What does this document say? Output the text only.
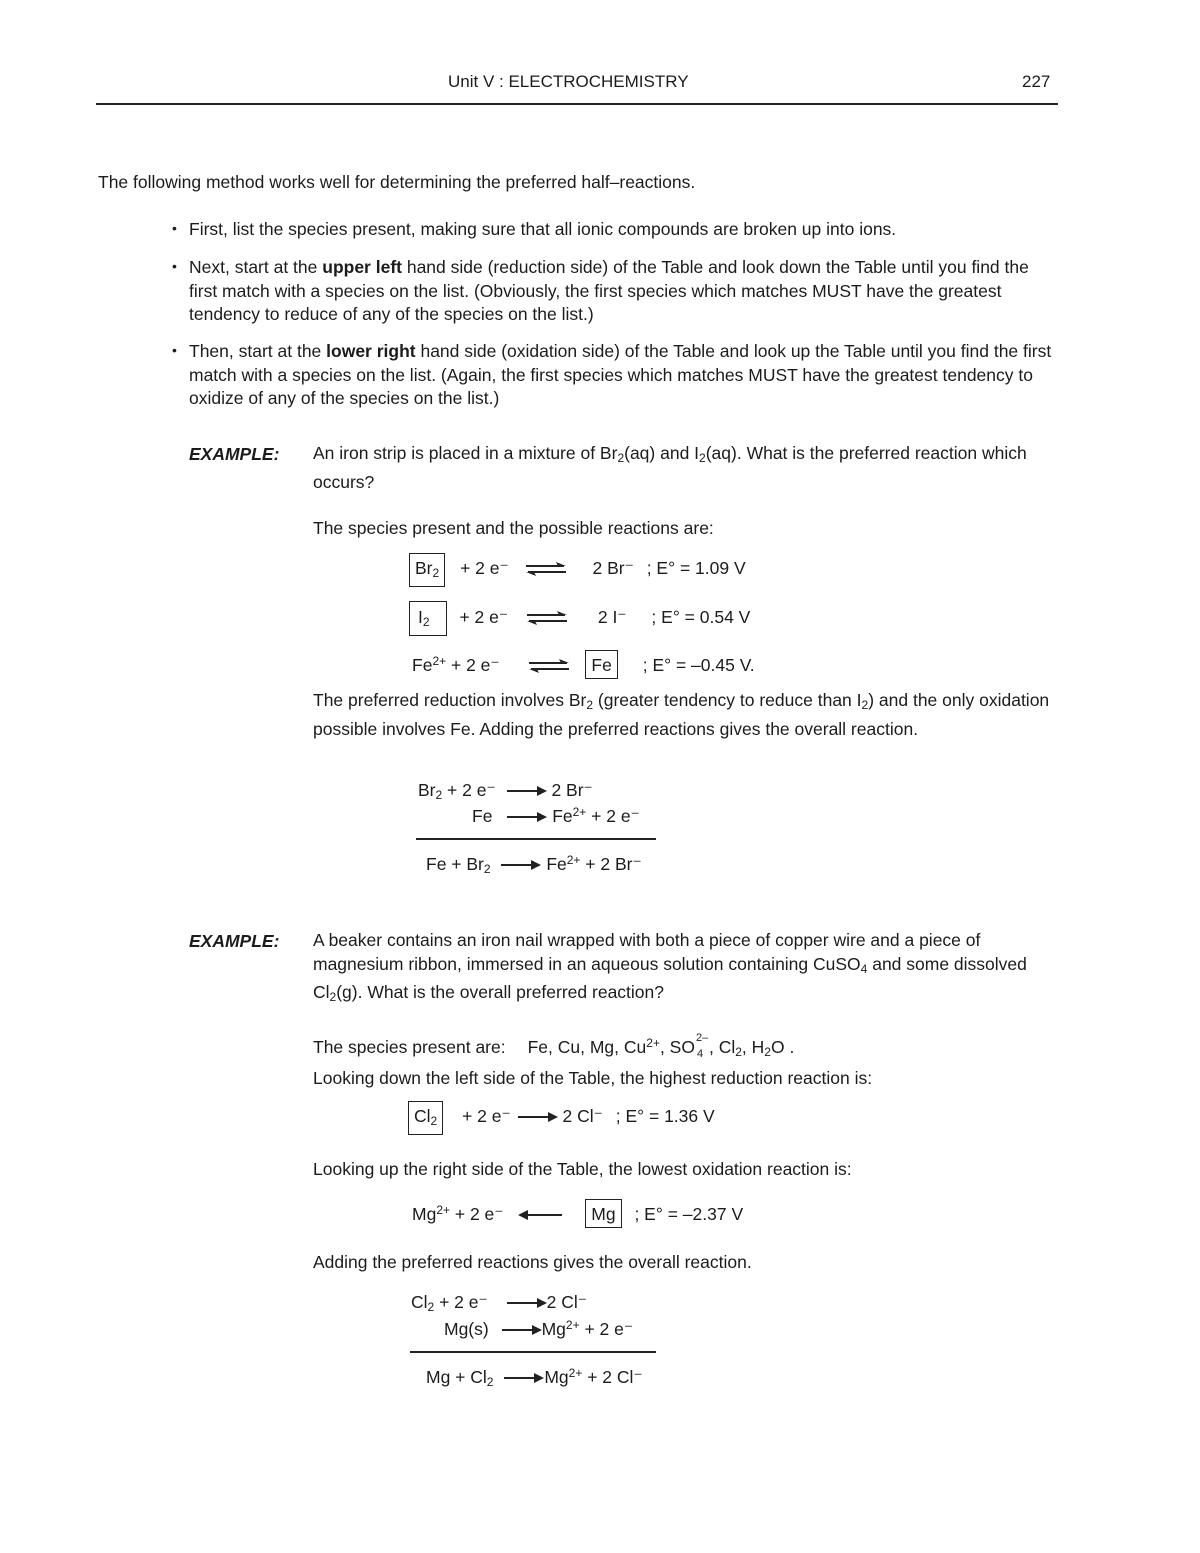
Unit V : ELECTROCHEMISTRY	227
The following method works well for determining the preferred half–reactions.
• First, list the species present, making sure that all ionic compounds are broken up into ions.
• Next, start at the upper left hand side (reduction side) of the Table and look down the Table until you find the first match with a species on the list. (Obviously, the first species which matches MUST have the greatest tendency to reduce of any of the species on the list.)
• Then, start at the lower right hand side (oxidation side) of the Table and look up the Table until you find the first match with a species on the list. (Again, the first species which matches MUST have the greatest tendency to oxidize of any of the species on the list.)
EXAMPLE: An iron strip is placed in a mixture of $Br_2(aq)$ and $I_2(aq)$. What is the preferred reaction which occurs?
The species present and the possible reactions are:
$Br_2 + 2$ e⁻ ⇌ 2 Br⁻ ; E° = 1.09 V
$I_2 + 2$ e⁻ ⇌ 2 I⁻ ; E° = 0.54 V
$Fe^{2+} + 2$ e⁻ ⇌ Fe ; E° = –0.45 V.
The preferred reduction involves $Br_2$ (greater tendency to reduce than $I_2$) and the only oxidation possible involves Fe. Adding the preferred reactions gives the overall reaction.
$Br_2 + 2$ e⁻	2 Br⁻
Fe	$Fe^{2+} + 2$ e⁻
$Fe + Br_2$	$Fe^{2+} + 2$ Br⁻
EXAMPLE: A beaker contains an iron nail wrapped with both a piece of copper wire and a piece of magnesium ribbon, immersed in an aqueous solution containing CuSO$_4$ and some dissolved $Cl_2(g)$. What is the overall preferred reaction?
The species present are: Fe, Cu, Mg, $Cu^{2+}$, SO 2–
4 , $Cl_2$, $H_2O$ .
Looking down the left side of the Table, the highest reduction reaction is:
$Cl_2 + 2$ e⁻	2 Cl⁻ ; E° = 1.36 V
Looking up the right side of the Table, the lowest oxidation reaction is:
$Mg^{2+} + 2$ e⁻	Mg ; E° = –2.37 V
Adding the preferred reactions gives the overall reaction.
$Cl_2 + 2$ e⁻	2 Cl⁻
Mg(s)	$Mg^{2+} + 2$ e⁻
$Mg + Cl_2$	$Mg^{2+} + 2$ Cl⁻
